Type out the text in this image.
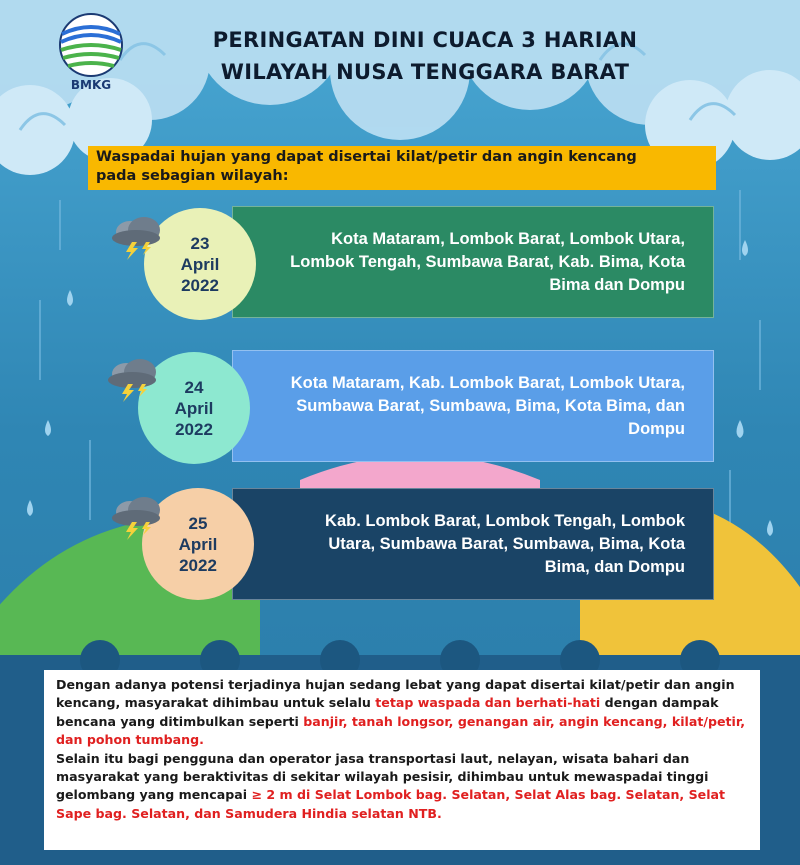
BMKG
PERINGATAN DINI CUACA 3 HARIAN
WILAYAH NUSA TENGGARA BARAT
Waspadai hujan yang dapat disertai kilat/petir dan angin kencang
pada sebagian wilayah:
Kota Mataram, Lombok Barat, Lombok Utara,
Lombok Tengah, Sumbawa Barat, Kab. Bima, Kota
Bima dan Dompu
23
April
2022
Kota Mataram, Kab. Lombok Barat, Lombok Utara,
Sumbawa Barat, Sumbawa, Bima, Kota Bima, dan
Dompu
24
April
2022
Kab. Lombok Barat, Lombok Tengah, Lombok
Utara, Sumbawa Barat, Sumbawa, Bima, Kota
Bima, dan Dompu
25
April
2022
Dengan adanya potensi terjadinya hujan sedang lebat yang dapat disertai kilat/petir dan angin kencang, masyarakat dihimbau untuk selalu tetap waspada dan berhati-hati dengan dampak bencana yang ditimbulkan seperti banjir, tanah longsor, genangan air, angin kencang, kilat/petir, dan pohon tumbang.
Selain itu bagi pengguna dan operator jasa transportasi laut, nelayan, wisata bahari dan masyarakat yang beraktivitas di sekitar wilayah pesisir, dihimbau untuk mewaspadai tinggi gelombang yang mencapai ≥ 2 m di Selat Lombok bag. Selatan, Selat Alas bag. Selatan, Selat Sape bag. Selatan, dan Samudera Hindia selatan NTB.
